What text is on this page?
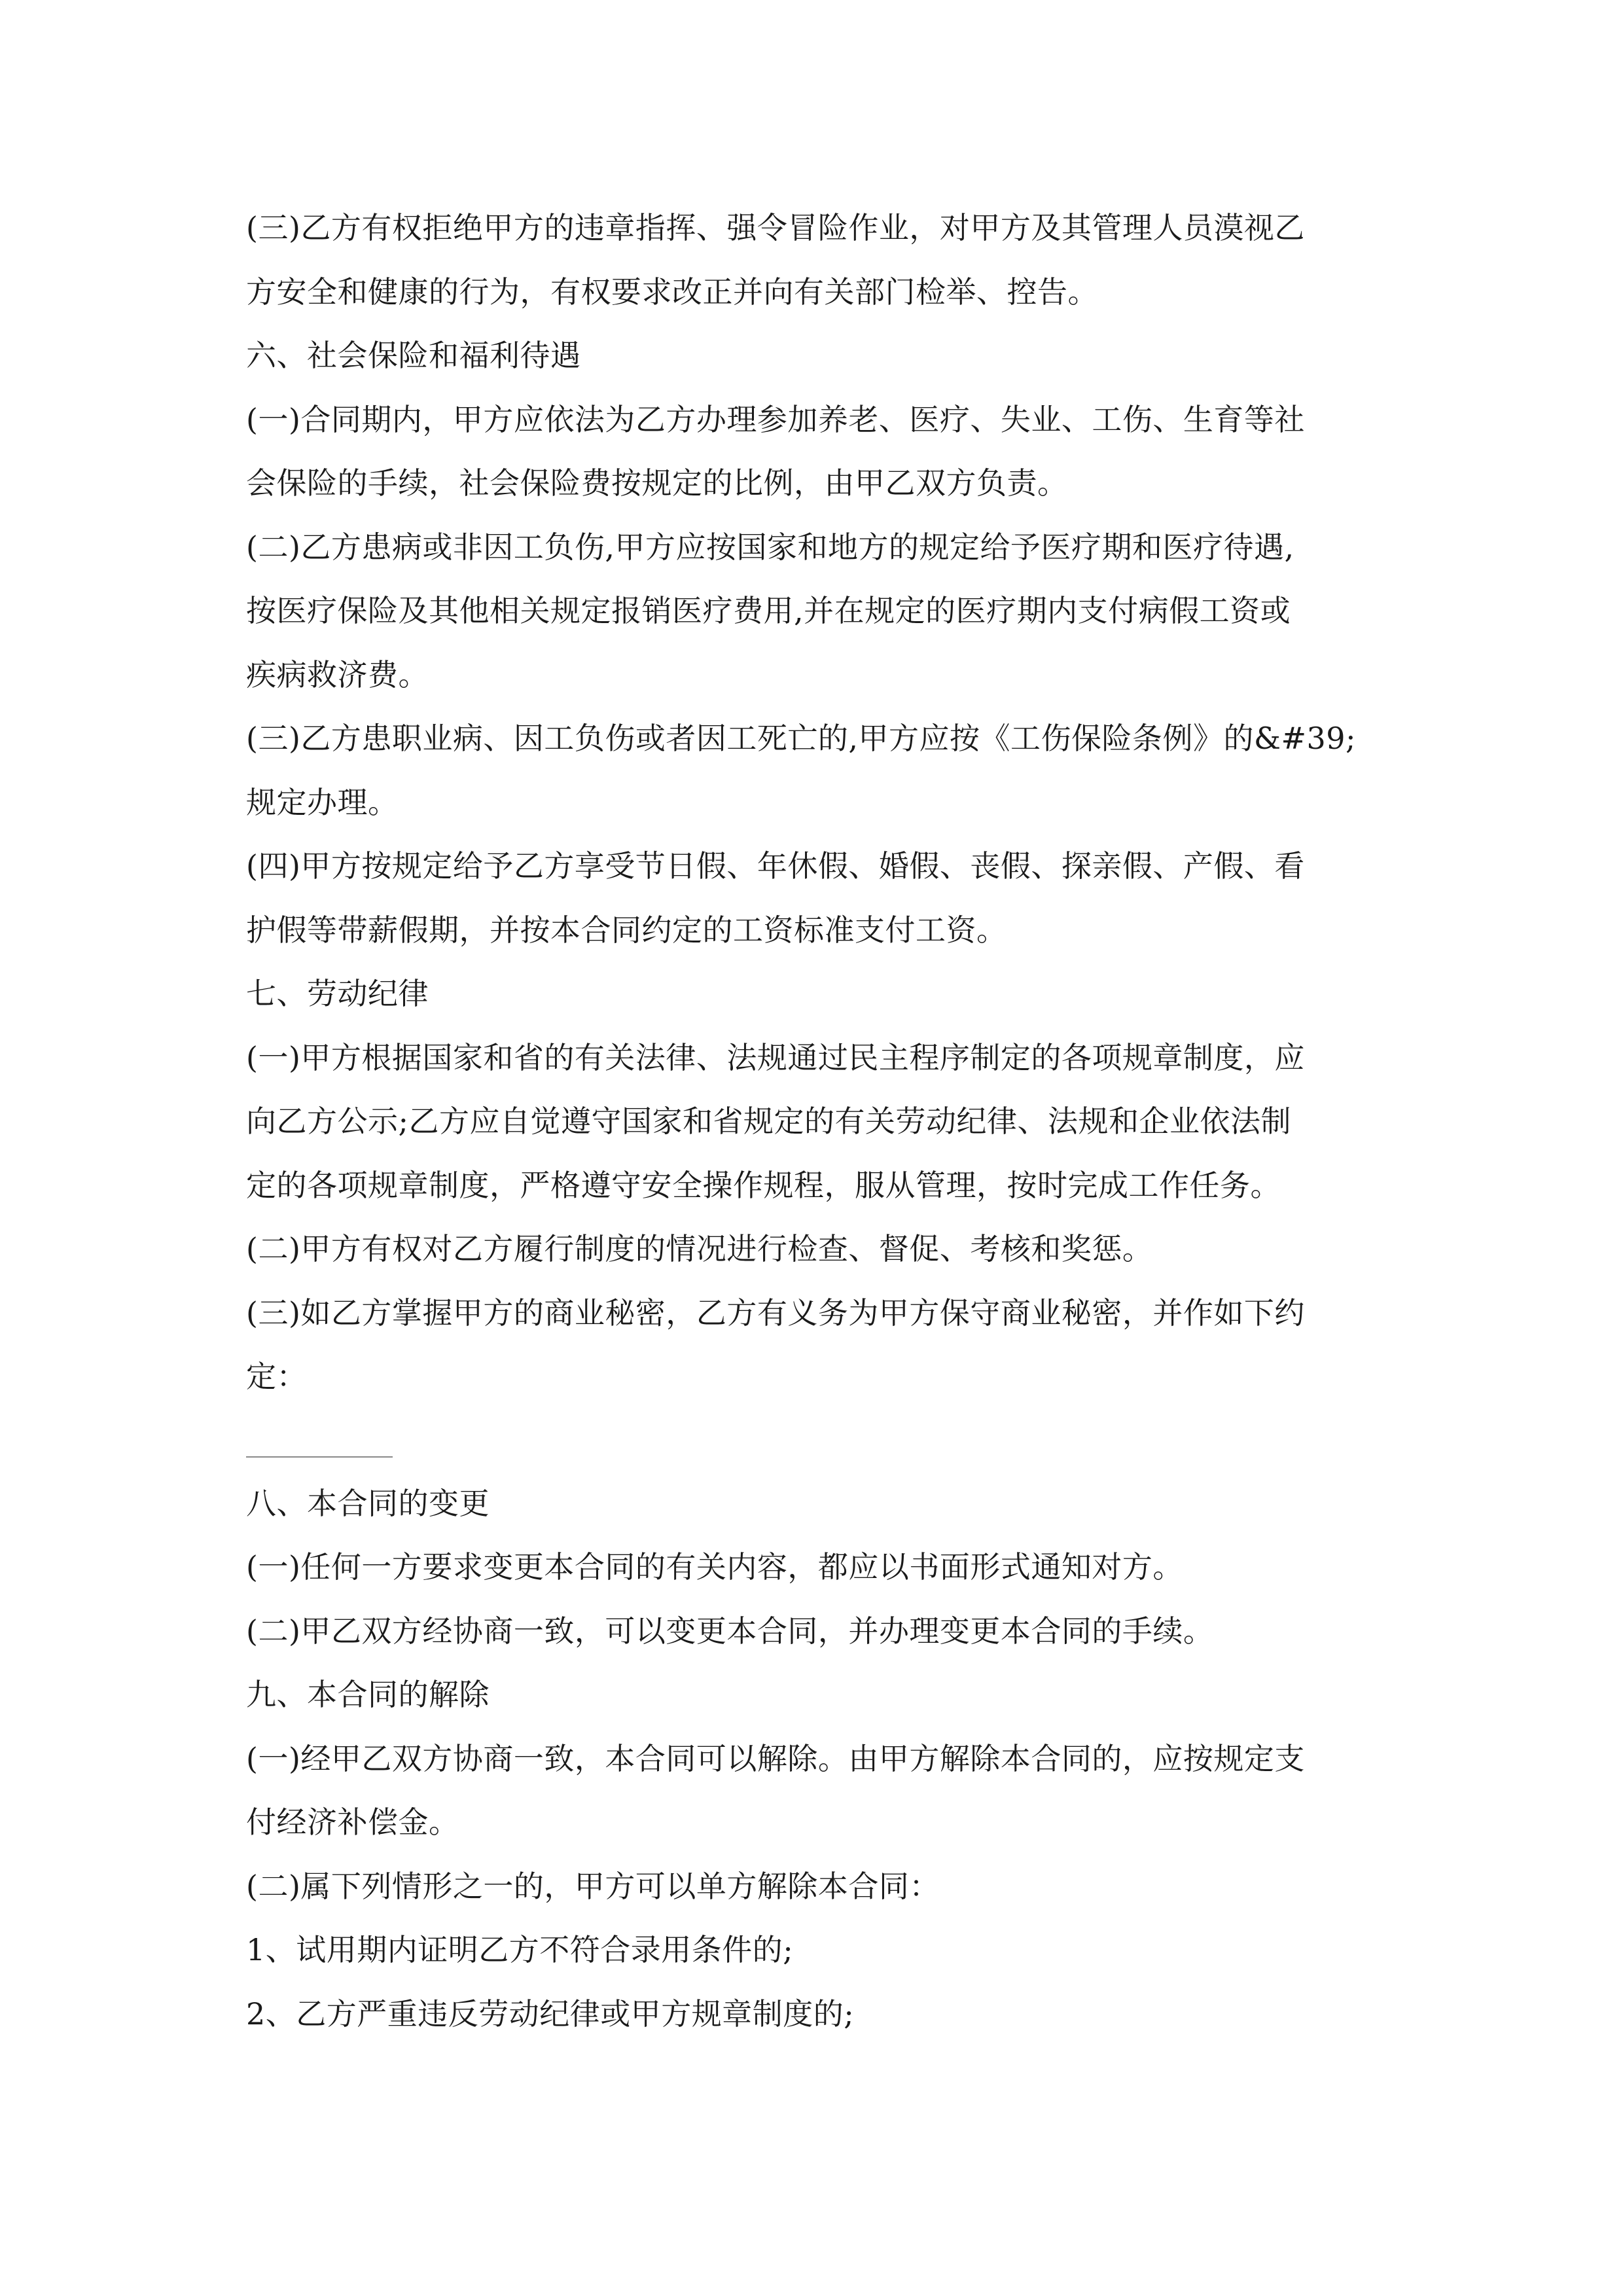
(三)乙方有权拒绝甲方的违章指挥、强令冒险作业，对甲方及其管理人员漠视乙
方安全和健康的行为，有权要求改正并向有关部门检举、控告。
六、社会保险和福利待遇
(一)合同期内，甲方应依法为乙方办理参加养老、医疗、失业、工伤、生育等社
会保险的手续，社会保险费按规定的比例，由甲乙双方负责。
(二)乙方患病或非因工负伤,甲方应按国家和地方的规定给予医疗期和医疗待遇,
按医疗保险及其他相关规定报销医疗费用,并在规定的医疗期内支付病假工资或
疾病救济费。
(三)乙方患职业病、因工负伤或者因工死亡的,甲方应按《工伤保险条例》的&#39;
规定办理。
(四)甲方按规定给予乙方享受节日假、年休假、婚假、丧假、探亲假、产假、看
护假等带薪假期，并按本合同约定的工资标准支付工资。
七、劳动纪律
(一)甲方根据国家和省的有关法律、法规通过民主程序制定的各项规章制度，应
向乙方公示;乙方应自觉遵守国家和省规定的有关劳动纪律、法规和企业依法制
定的各项规章制度，严格遵守安全操作规程，服从管理，按时完成工作任务。
(二)甲方有权对乙方履行制度的情况进行检查、督促、考核和奖惩。
(三)如乙方掌握甲方的商业秘密，乙方有义务为甲方保守商业秘密，并作如下约
定：
八、本合同的变更
(一)任何一方要求变更本合同的有关内容，都应以书面形式通知对方。
(二)甲乙双方经协商一致，可以变更本合同，并办理变更本合同的手续。
九、本合同的解除
(一)经甲乙双方协商一致，本合同可以解除。由甲方解除本合同的，应按规定支
付经济补偿金。
(二)属下列情形之一的，甲方可以单方解除本合同：
1、试用期内证明乙方不符合录用条件的;
2、乙方严重违反劳动纪律或甲方规章制度的;
